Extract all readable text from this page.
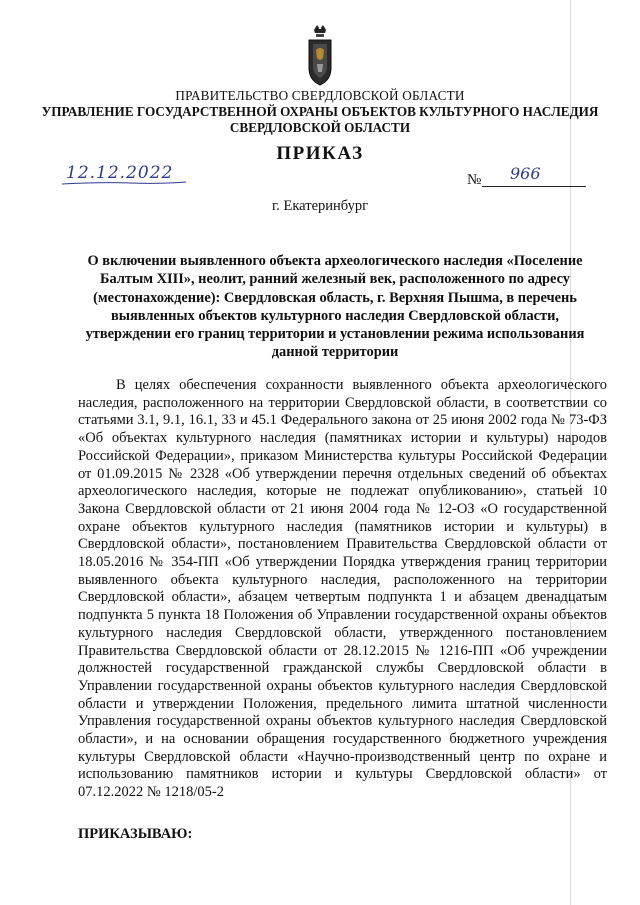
ПРАВИТЕЛЬСТВО СВЕРДЛОВСКОЙ ОБЛАСТИ
УПРАВЛЕНИЕ ГОСУДАРСТВЕННОЙ ОХРАНЫ ОБЪЕКТОВ КУЛЬТУРНОГО НАСЛЕДИЯ СВЕРДЛОВСКОЙ ОБЛАСТИ
ПРИКАЗ
12.12.2022	№ 966
г. Екатеринбург
О включении выявленного объекта археологического наследия «Поселение Балтым XIII», неолит, ранний железный век, расположенного по адресу (местонахождение): Свердловская область, г. Верхняя Пышма, в перечень выявленных объектов культурного наследия Свердловской области, утверждении его границ территории и установлении режима использования данной территории
В целях обеспечения сохранности выявленного объекта археологического наследия, расположенного на территории Свердловской области, в соответствии со статьями 3.1, 9.1, 16.1, 33 и 45.1 Федерального закона от 25 июня 2002 года № 73-ФЗ «Об объектах культурного наследия (памятниках истории и культуры) народов Российской Федерации», приказом Министерства культуры Российской Федерации от 01.09.2015 № 2328 «Об утверждении перечня отдельных сведений об объектах археологического наследия, которые не подлежат опубликованию», статьей 10 Закона Свердловской области от 21 июня 2004 года № 12-ОЗ «О государственной охране объектов культурного наследия (памятников истории и культуры) в Свердловской области», постановлением Правительства Свердловской области от 18.05.2016 № 354-ПП «Об утверждении Порядка утверждения границ территории выявленного объекта культурного наследия, расположенного на территории Свердловской области», абзацем четвертым подпункта 1 и абзацем двенадцатым подпункта 5 пункта 18 Положения об Управлении государственной охраны объектов культурного наследия Свердловской области, утвержденного постановлением Правительства Свердловской области от 28.12.2015 № 1216-ПП «Об учреждении должностей государственной гражданской службы Свердловской области в Управлении государственной охраны объектов культурного наследия Свердловской области и утверждении Положения, предельного лимита штатной численности Управления государственной охраны объектов культурного наследия Свердловской области», и на основании обращения государственного бюджетного учреждения культуры Свердловской области «Научно-производственный центр по охране и использованию памятников истории и культуры Свердловской области» от 07.12.2022 № 1218/05-2
ПРИКАЗЫВАЮ:
